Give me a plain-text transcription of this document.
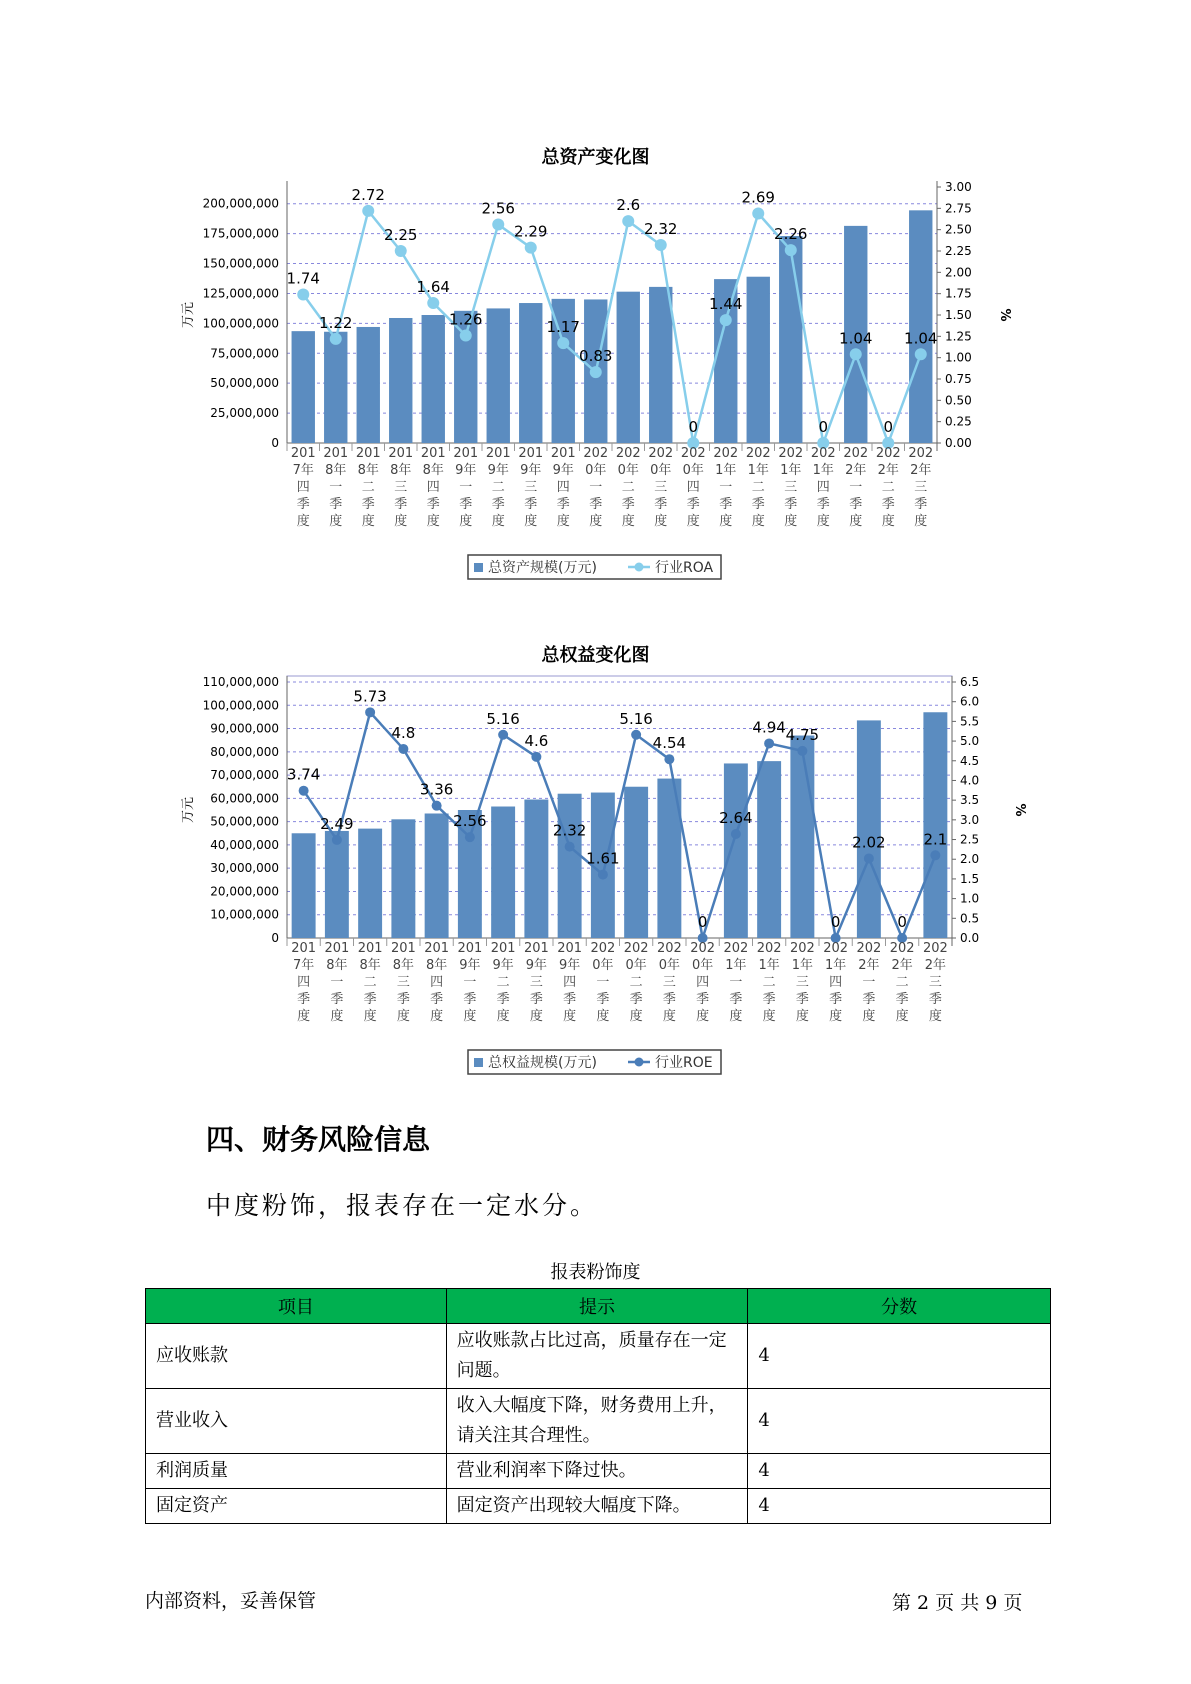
总资产变化图
0
25,000,000
50,000,000
75,000,000
100,000,000
125,000,000
150,000,000
175,000,000
200,000,000
0.00
0.25
0.50
0.75
1.00
1.25
1.50
1.75
2.00
2.25
2.50
2.75
3.00
万元	%
1.74
1.22
2.72
2.25
1.64
1.26
2.56
2.29
1.17
0.83
2.6
2.32
0
1.44
2.69
2.26
0
1.04
0
1.04
201
7年
四
季
度
201
8年
一
季
度
201
8年
二
季
度
201
8年
三
季
度
201
8年
四
季
度
201
9年
一
季
度
201
9年
二
季
度
201
9年
三
季
度
201
9年
四
季
度
202
0年
一
季
度
202
0年
二
季
度
202
0年
三
季
度
202
0年
四
季
度
202
1年
一
季
度
202
1年
二
季
度
202
1年
三
季
度
202
1年
四
季
度
202
2年
一
季
度
202
2年
二
季
度
202
2年
三
季
度
总资产规模(万元)	行业ROA
总权益变化图
0
10,000,000
20,000,000
30,000,000
40,000,000
50,000,000
60,000,000
70,000,000
80,000,000
90,000,000
100,000,000
110,000,000
0.0
0.5
1.0
1.5
2.0
2.5
3.0
3.5
4.0
4.5
5.0
5.5
6.0
6.5
万元	%
3.74
2.49
5.73
4.8
3.36
2.56
5.16
4.6
2.32
1.61
5.16
4.54
0
2.64
4.94 4.75
0
2.02
0
2.1
201
7年
四
季
度
201
8年
一
季
度
201
8年
二
季
度
201
8年
三
季
度
201
8年
四
季
度
201
9年
一
季
度
201
9年
二
季
度
201
9年
三
季
度
201
9年
四
季
度
202
0年
一
季
度
202
0年
二
季
度
202
0年
三
季
度
202
0年
四
季
度
202
1年
一
季
度
202
1年
二
季
度
202
1年
三
季
度
202
1年
四
季
度
202
2年
一
季
度
202
2年
二
季
度
202
2年
三
季
度
总权益规模(万元)	行业ROE
四、财务风险信息
中度粉饰，报表存在一定水分。
报表粉饰度
项目	提示	分数
应收账款	应收账款占比过高，质量存在一定问题。	4
营业收入	收入大幅度下降，财务费用上升，请关注其合理性。	4
利润质量	营业利润率下降过快。	4
固定资产	固定资产出现较大幅度下降。	4
内部资料，妥善保管	第 2 页 共 9 页
